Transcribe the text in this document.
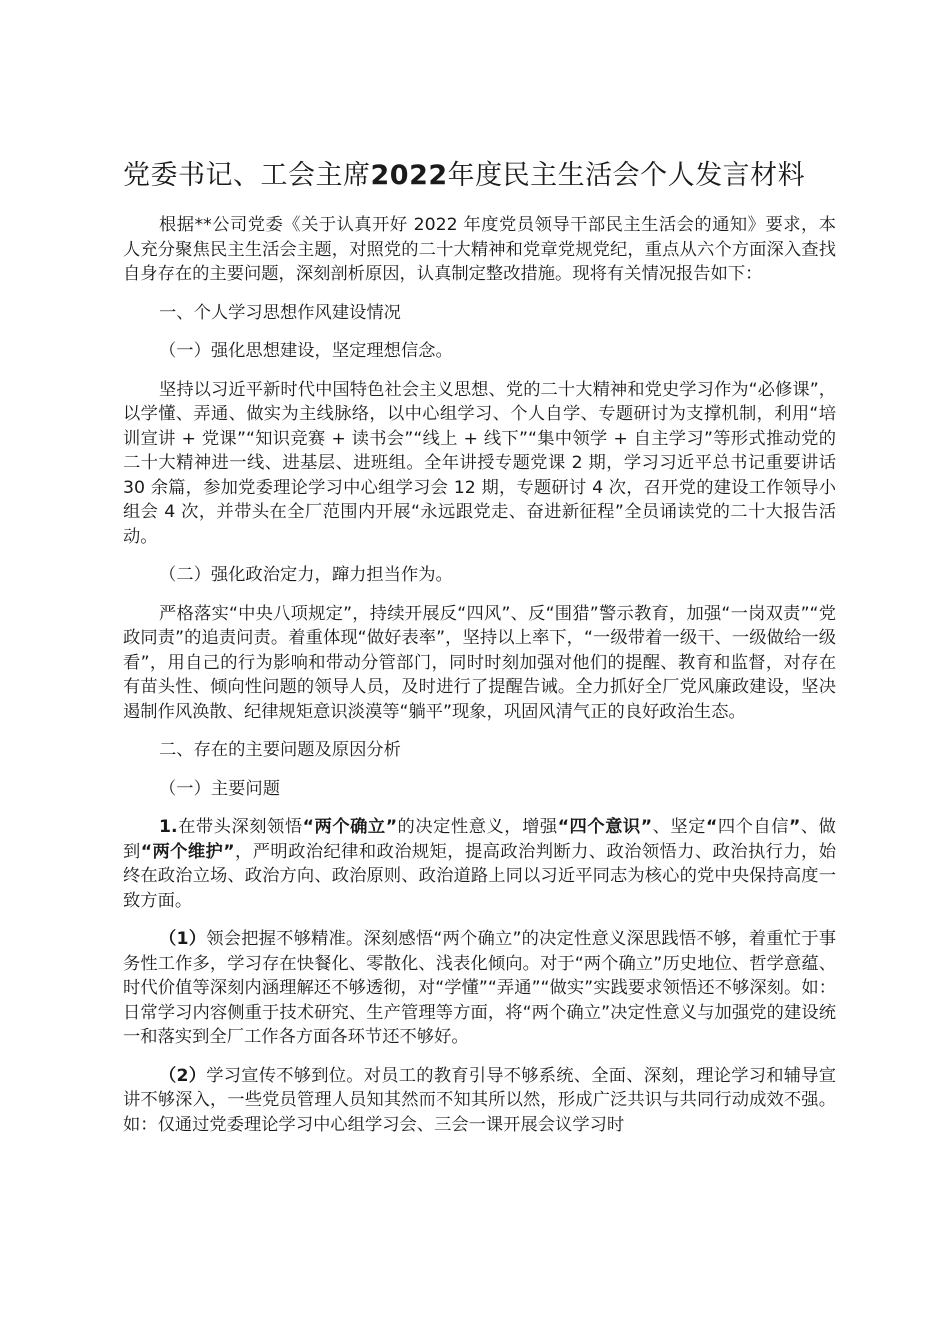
党委书记、工会主席2022年度民主生活会个人发言材料

根据**公司党委《关于认真开好 2022 年度党员领导干部民主生活会的通知》要求，本人充分聚焦民主生活会主题，对照党的二十大精神和党章党规党纪，重点从六个方面深入查找自身存在的主要问题，深刻剖析原因，认真制定整改措施。现将有关情况报告如下：

一、个人学习思想作风建设情况

（一）强化思想建设，坚定理想信念。

坚持以习近平新时代中国特色社会主义思想、党的二十大精神和党史学习作为“必修课”，以学懂、弄通、做实为主线脉络，以中心组学习、个人自学、专题研讨为支撑机制，利用“培训宣讲 + 党课”“知识竞赛 + 读书会”“线上 + 线下”“集中领学 + 自主学习”等形式推动党的二十大精神进一线、进基层、进班组。全年讲授专题党课 2 期，学习习近平总书记重要讲话 30 余篇，参加党委理论学习中心组学习会 12 期，专题研讨 4 次，召开党的建设工作领导小组会 4 次，并带头在全厂范围内开展“永远跟党走、奋进新征程”全员诵读党的二十大报告活动。

（二）强化政治定力，蹿力担当作为。

严格落实“中央八项规定”，持续开展反“四风”、反“围猎”警示教育，加强“一岗双责”“党政同责”的追责问责。着重体现“做好表率”，坚持以上率下，“一级带着一级干、一级做给一级看”，用自己的行为影响和带动分管部门，同时时刻加强对他们的提醒、教育和监督，对存在有苗头性、倾向性问题的领导人员，及时进行了提醒告诫。全力抓好全厂党风廉政建设，坚决遏制作风涣散、纪律规矩意识淡漠等“躺平”现象，巩固风清气正的良好政治生态。

二、存在的主要问题及原因分析

（一）主要问题

1.在带头深刻领悟“两个确立”的决定性意义，增强“四个意识”、坚定“四个自信”、做到“两个维护”，严明政治纪律和政治规矩，提高政治判断力、政治领悟力、政治执行力，始终在政治立场、政治方向、政治原则、政治道路上同以习近平同志为核心的党中央保持高度一致方面。

（1）领会把握不够精准。深刻感悟“两个确立”的决定性意义深思践悟不够，着重忙于事务性工作多，学习存在快餐化、零散化、浅表化倾向。对于“两个确立”历史地位、哲学意蕴、时代价值等深刻内涵理解还不够透彻，对“学懂”“弄通”“做实”实践要求领悟还不够深刻。如：日常学习内容侧重于技术研究、生产管理等方面，将“两个确立”决定性意义与加强党的建设统一和落实到全厂工作各方面各环节还不够好。

（2）学习宣传不够到位。对员工的教育引导不够系统、全面、深刻，理论学习和辅导宣讲不够深入，一些党员管理人员知其然而不知其所以然，形成广泛共识与共同行动成效不强。如：仅通过党委理论学习中心组学习会、三会一课开展会议学习时
